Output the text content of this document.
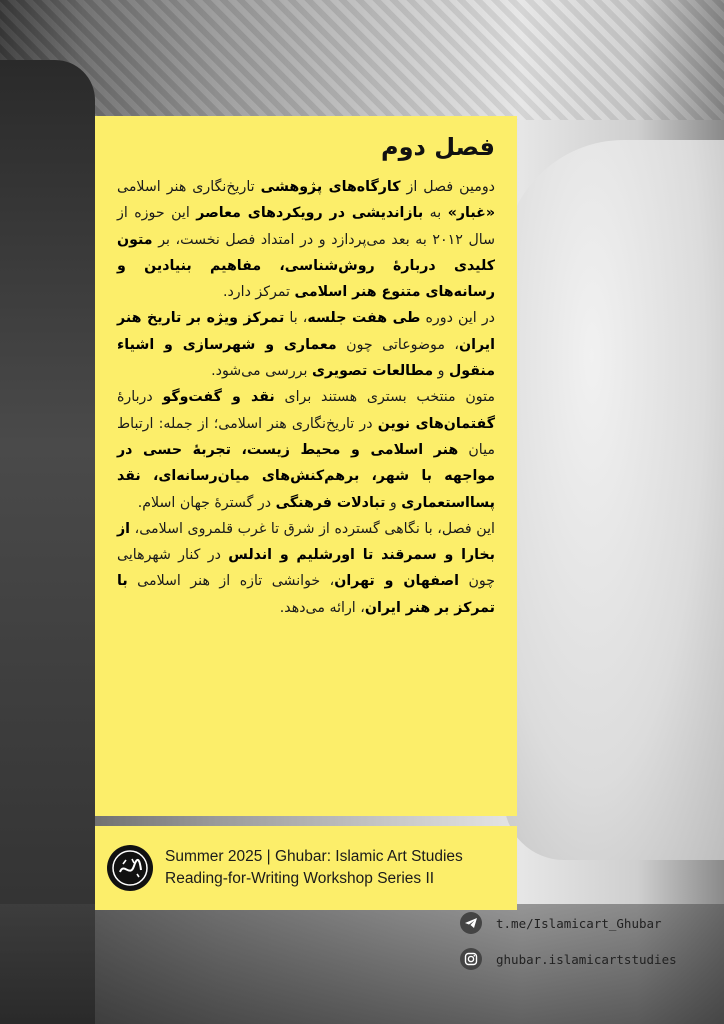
فصل دوم

دومین فصل از کارگاه‌های پژوهشی تاریخ‌نگاری هنر اسلامی «غبار» به بازاندیشی در رویکردهای معاصر این حوزه از سال ۲۰۱۲ به بعد می‌پردازد و در امتداد فصل نخست، بر متون کلیدی دربارهٔ روش‌شناسی، مفاهیم بنیادین و رسانه‌های متنوع هنر اسلامی تمرکز دارد.

در این دوره طی هفت جلسه، با تمرکز ویژه بر تاریخ هنر ایران، موضوعاتی چون معماری و شهرسازی و اشیاء منقول و مطالعات تصویری بررسی می‌شود.

متون منتخب بستری هستند برای نقد و گفت‌وگو دربارهٔ گفتمان‌های نوین در تاریخ‌نگاری هنر اسلامی؛ از جمله: ارتباط میان هنر اسلامی و محیط زیست، تجربهٔ حسی در مواجهه با شهر، برهم‌کنش‌های میان‌رسانه‌ای، نقد پسااستعماری و تبادلات فرهنگی در گسترهٔ جهان اسلام.

این فصل، با نگاهی گسترده از شرق تا غرب قلمروی اسلامی، از بخارا و سمرقند تا اورشلیم و اندلس در کنار شهرهایی چون اصفهان و تهران، خوانشی تازه از هنر اسلامی با تمرکز بر هنر ایران، ارائه می‌دهد.

Summer 2025 | Ghubar: Islamic Art Studies
Reading-for-Writing Workshop Series II
t.me/Islamicart_Ghubar
ghubar.islamicartstudies
